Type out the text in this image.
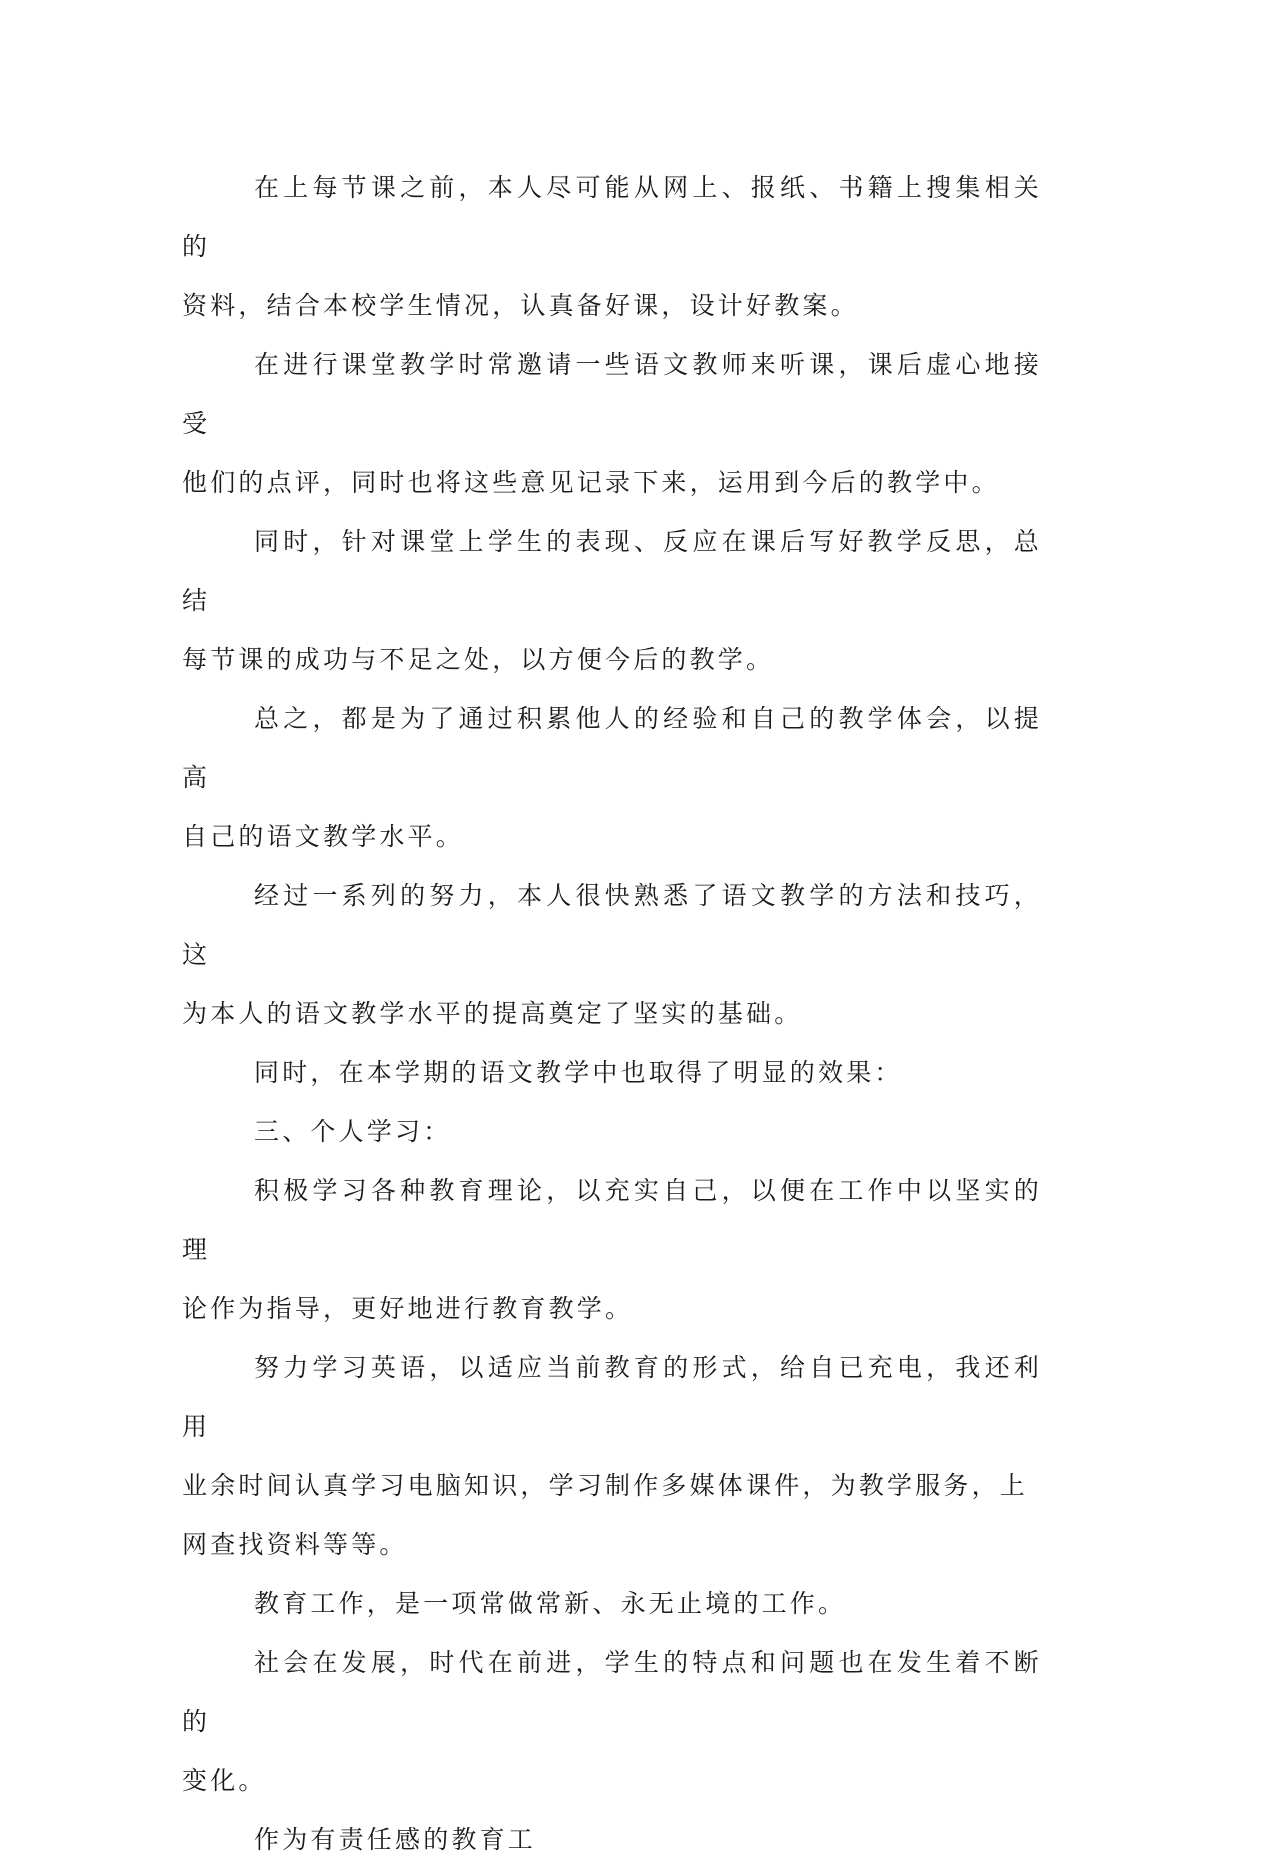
在上每节课之前，本人尽可能从网上、报纸、书籍上搜集相关的
资料，结合本校学生情况，认真备好课，设计好教案。

在进行课堂教学时常邀请一些语文教师来听课，课后虚心地接受
他们的点评，同时也将这些意见记录下来，运用到今后的教学中。

同时，针对课堂上学生的表现、反应在课后写好教学反思，总结
每节课的成功与不足之处，以方便今后的教学。

总之，都是为了通过积累他人的经验和自己的教学体会，以提高
自己的语文教学水平。

经过一系列的努力，本人很快熟悉了语文教学的方法和技巧，这
为本人的语文教学水平的提高奠定了坚实的基础。

同时，在本学期的语文教学中也取得了明显的效果：

三、个人学习：

积极学习各种教育理论，以充实自己，以便在工作中以坚实的理
论作为指导，更好地进行教育教学。

努力学习英语，以适应当前教育的形式，给自已充电，我还利用
业余时间认真学习电脑知识，学习制作多媒体课件，为教学服务，上
网查找资料等等。

教育工作，是一项常做常新、永无止境的工作。

社会在发展，时代在前进，学生的特点和问题也在发生着不断的
变化。

作为有责任感的教育工
